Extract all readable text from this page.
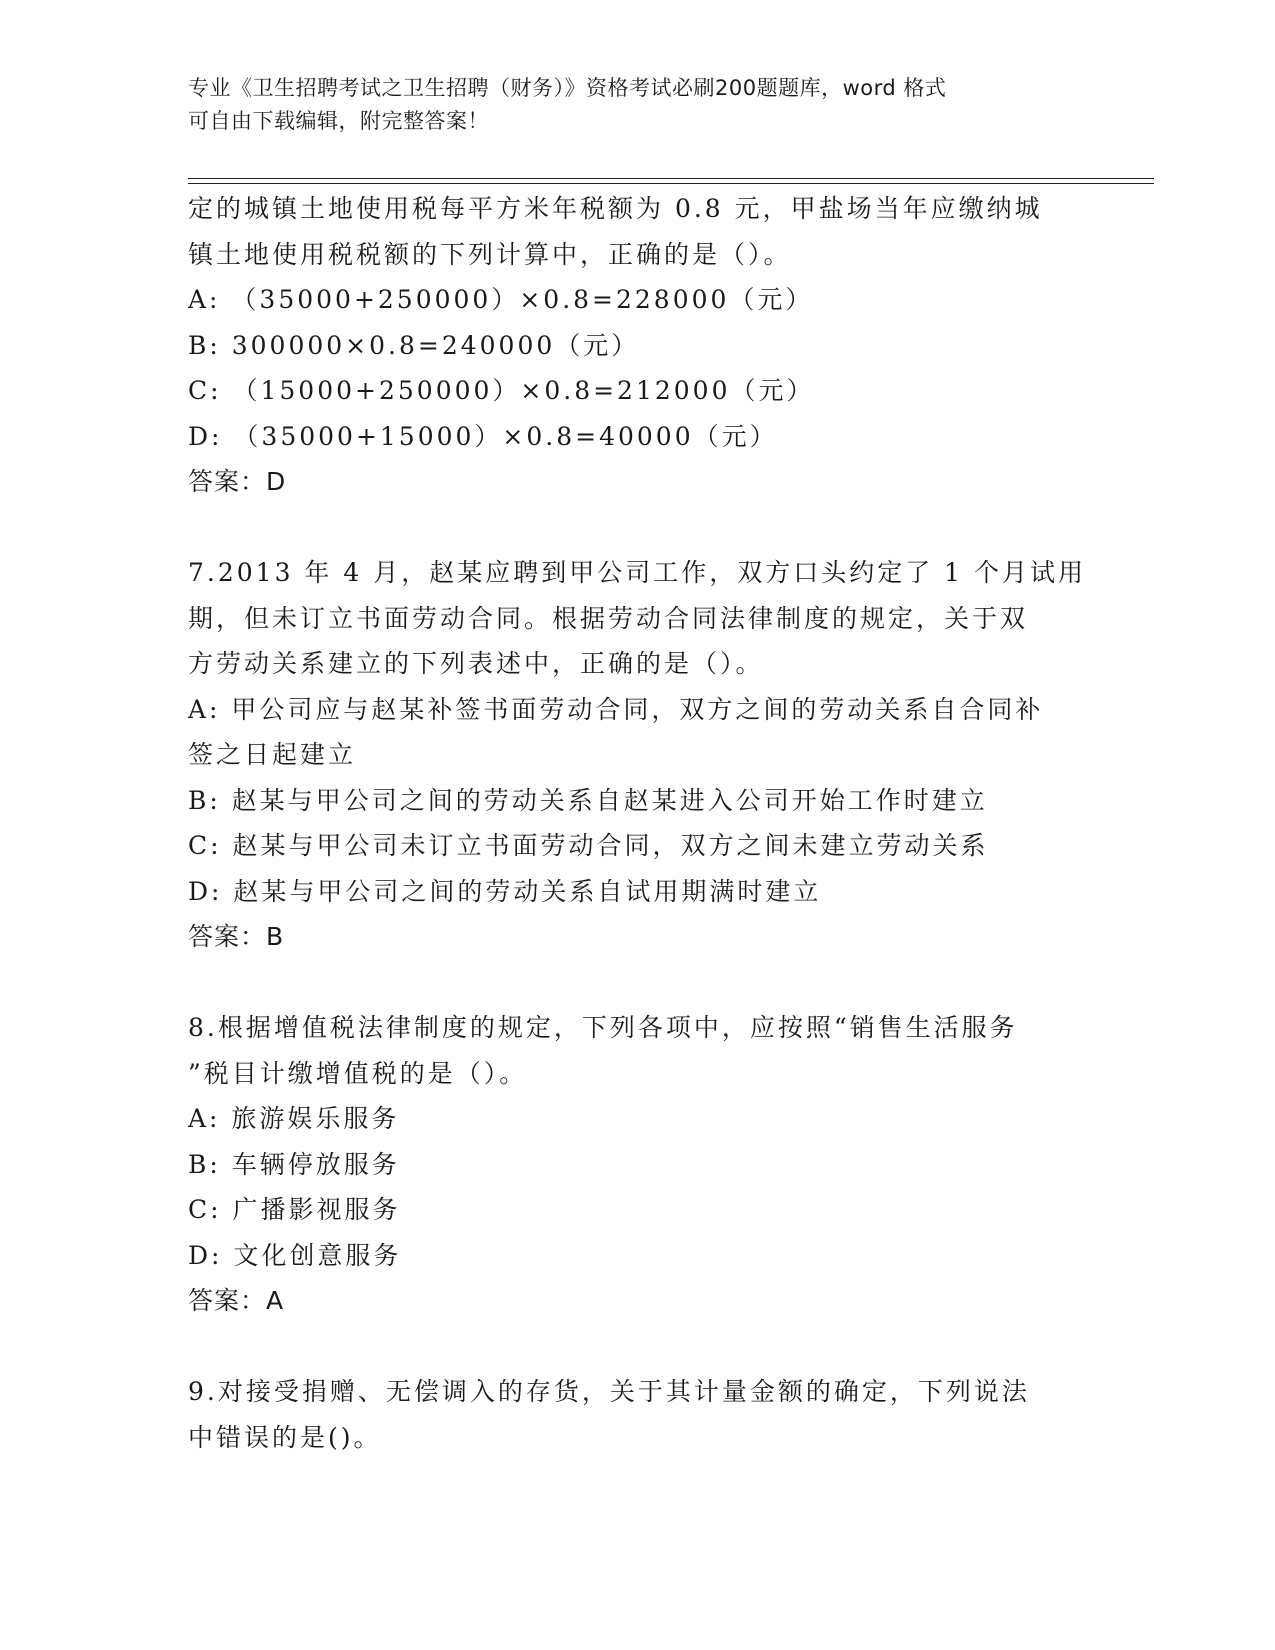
专业《卫生招聘考试之卫生招聘（财务）》资格考试必刷200题题库，word 格式
可自由下载编辑，附完整答案！
定的城镇土地使用税每平方米年税额为 0.8 元，甲盐场当年应缴纳城
镇土地使用税税额的下列计算中，正确的是（）。
A: （35000+250000）×0.8=228000（元）
B: 300000×0.8=240000（元）
C: （15000+250000）×0.8=212000（元）
D: （35000+15000）×0.8=40000（元）
答案：D
7.2013 年 4 月，赵某应聘到甲公司工作，双方口头约定了 1 个月试用
期，但未订立书面劳动合同。根据劳动合同法律制度的规定，关于双
方劳动关系建立的下列表述中，正确的是（）。
A: 甲公司应与赵某补签书面劳动合同，双方之间的劳动关系自合同补
签之日起建立
B: 赵某与甲公司之间的劳动关系自赵某进入公司开始工作时建立
C: 赵某与甲公司未订立书面劳动合同，双方之间未建立劳动关系
D: 赵某与甲公司之间的劳动关系自试用期满时建立
答案：B
8.根据增值税法律制度的规定，下列各项中，应按照“销售生活服务
”税目计缴增值税的是（）。
A: 旅游娱乐服务
B: 车辆停放服务
C: 广播影视服务
D: 文化创意服务
答案：A
9.对接受捐赠、无偿调入的存货，关于其计量金额的确定，下列说法
中错误的是()。
